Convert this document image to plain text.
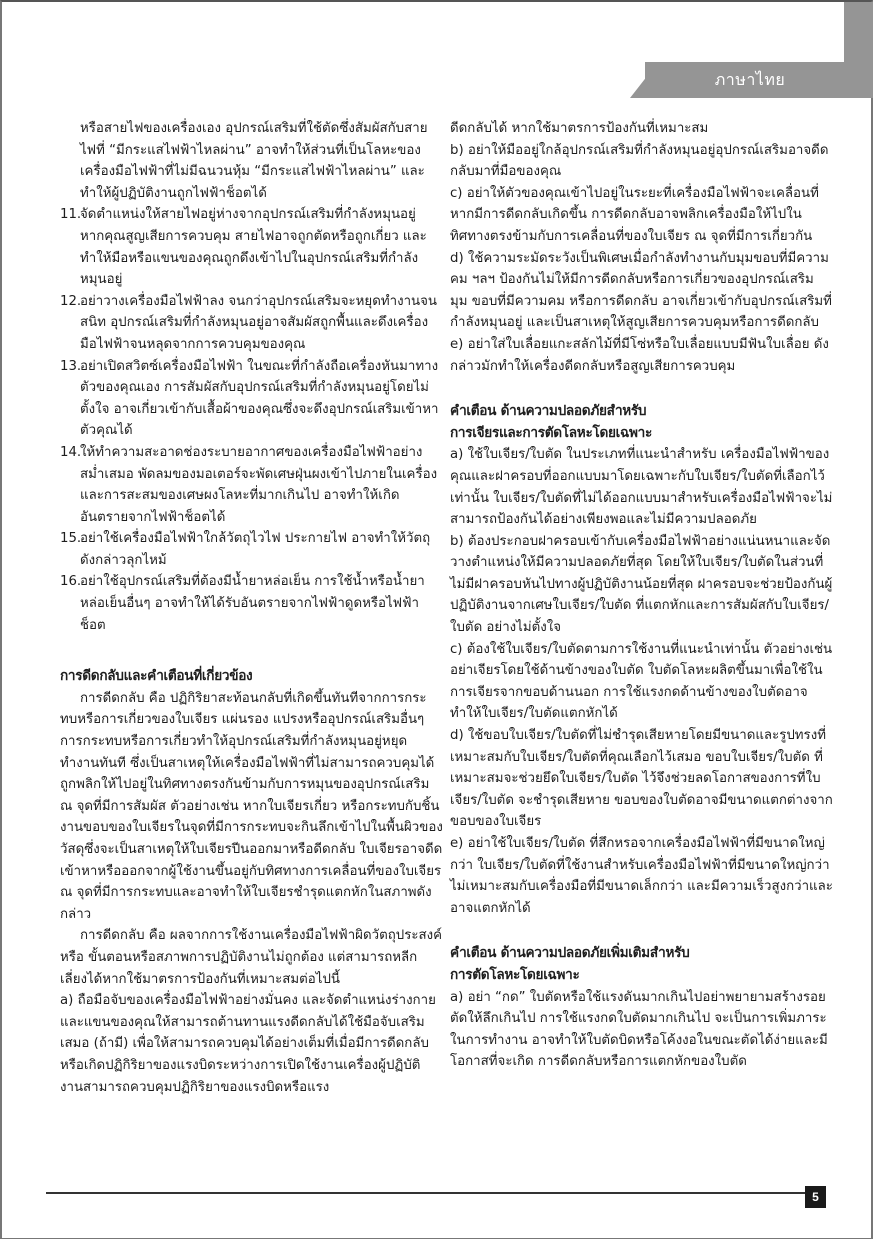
ภาษาไทย

หรือสายไฟของเครื่องเอง อุปกรณ์เสริมที่ใช้ตัดซึ่งสัมผัสกับสายไฟที่ “มีกระแสไฟฟ้าไหลผ่าน” อาจทำให้ส่วนที่เป็นโลหะของเครื่องมือไฟฟ้าที่ไม่มีฉนวนหุ้ม “มีกระแสไฟฟ้าไหลผ่าน” และทำให้ผู้ปฏิบัติงานถูกไฟฟ้าช็อตได้

11.
จัดตำแหน่งให้สายไฟอยู่ห่างจากอุปกรณ์เสริมที่กำลังหมุนอยู่ หากคุณสูญเสียการควบคุม สายไฟอาจถูกตัดหรือถูกเกี่ยว และทำให้มือหรือแขนของคุณถูกดึงเข้าไปในอุปกรณ์เสริมที่กำลังหมุนอยู่
12.
อย่าวางเครื่องมือไฟฟ้าลง จนกว่าอุปกรณ์เสริมจะหยุดทำงานจนสนิท อุปกรณ์เสริมที่กำลังหมุนอยู่อาจสัมผัสถูกพื้นและดึงเครื่องมือไฟฟ้าจนหลุดจากการควบคุมของคุณ
13.
อย่าเปิดสวิตซ์เครื่องมือไฟฟ้า ในขณะที่กำลังถือเครื่องหันมาทางตัวของคุณเอง การสัมผัสกับอุปกรณ์เสริมที่กำลังหมุนอยู่โดยไม่ตั้งใจ อาจเกี่ยวเข้ากับเสื้อผ้าของคุณซึ่งจะดึงอุปกรณ์เสริมเข้าหาตัวคุณได้
14.
ให้ทำความสะอาดช่องระบายอากาศของเครื่องมือไฟฟ้าอย่างสม่ำเสมอ พัดลมของมอเตอร์จะพัดเศษฝุ่นผงเข้าไปภายในเครื่อง และการสะสมของเศษผงโลหะที่มากเกินไป อาจทำให้เกิดอันตรายจากไฟฟ้าช็อตได้
15.
อย่าใช้เครื่องมือไฟฟ้าใกล้วัตถุไวไฟ ประกายไฟ อาจทำให้วัตถุดังกล่าวลุกไหม้
16.
อย่าใช้อุปกรณ์เสริมที่ต้องมีน้ำยาหล่อเย็น การใช้น้ำหรือน้ำยาหล่อเย็นอื่นๆ อาจทำให้ได้รับอันตรายจากไฟฟ้าดูดหรือไฟฟ้าช็อต
การดีดกลับและคำเตือนที่เกี่ยวข้อง

การดีดกลับ คือ ปฏิกิริยาสะท้อนกลับที่เกิดขึ้นทันทีจากการกระทบหรือการเกี่ยวของใบเจียร แผ่นรอง แปรงหรืออุปกรณ์เสริมอื่นๆ การกระทบหรือการเกี่ยวทำให้อุปกรณ์เสริมที่กำลังหมุนอยู่หยุดทำงานทันที ซึ่งเป็นสาเหตุให้เครื่องมือไฟฟ้าที่ไม่สามารถควบคุมได้ถูกพลิกให้ไปอยู่ในทิศทางตรงกันข้ามกับการหมุนของอุปกรณ์เสริม ณ จุดที่มีการสัมผัส ตัวอย่างเช่น หากใบเจียรเกี่ยว หรือกระทบกับชิ้นงานขอบของใบเจียรในจุดที่มีการกระทบจะกินลึกเข้าไปในพื้นผิวของวัสดุซึ่งจะเป็นสาเหตุให้ใบเจียรปีนออกมาหรือดีดกลับ ใบเจียรอาจดีดเข้าหาหรือออกจากผู้ใช้งานขึ้นอยู่กับทิศทางการเคลื่อนที่ของใบเจียร ณ จุดที่มีการกระทบและอาจทำให้ใบเจียรชำรุดแตกหักในสภาพดังกล่าว

การดีดกลับ คือ ผลจากการใช้งานเครื่องมือไฟฟ้าผิดวัตถุประสงค์ หรือ ขั้นตอนหรือสภาพการปฏิบัติงานไม่ถูกต้อง แต่สามารถหลีกเลี่ยงได้หากใช้มาตรการป้องกันที่เหมาะสมต่อไปนี้

a) ถือมือจับของเครื่องมือไฟฟ้าอย่างมั่นคง และจัดตำแหน่งร่างกายและแขนของคุณให้สามารถต้านทานแรงดีดกลับได้ใช้มือจับเสริมเสมอ (ถ้ามี) เพื่อให้สามารถควบคุมได้อย่างเต็มที่เมื่อมีการดีดกลับหรือเกิดปฏิกิริยาของแรงบิดระหว่างการเปิดใช้งานเครื่องผู้ปฏิบัติงานสามารถควบคุมปฏิกิริยาของแรงบิดหรือแรง

ดีดกลับได้ หากใช้มาตรการป้องกันที่เหมาะสม

b) อย่าให้มืออยู่ใกล้อุปกรณ์เสริมที่กำลังหมุนอยู่อุปกรณ์เสริมอาจดีดกลับมาที่มือของคุณ

c) อย่าให้ตัวของคุณเข้าไปอยู่ในระยะที่เครื่องมือไฟฟ้าจะเคลื่อนที่ หากมีการดีดกลับเกิดขึ้น การดีดกลับอาจพลิกเครื่องมือให้ไปในทิศทางตรงข้ามกับการเคลื่อนที่ของใบเจียร ณ จุดที่มีการเกี่ยวกัน

d) ใช้ความระมัดระวังเป็นพิเศษเมื่อกำลังทำงานกับมุมขอบที่มีความคม ฯลฯ ป้องกันไม่ให้มีการดีดกลับหรือการเกี่ยวของอุปกรณ์เสริม มุม ขอบที่มีความคม หรือการดีดกลับ อาจเกี่ยวเข้ากับอุปกรณ์เสริมที่กำลังหมุนอยู่ และเป็นสาเหตุให้สูญเสียการควบคุมหรือการดีดกลับ

e) อย่าใส่ใบเลื่อยแกะสลักไม้ที่มีโซ่หรือใบเลื่อยแบบมีฟันใบเลื่อย ดังกล่าวมักทำให้เครื่องดีดกลับหรือสูญเสียการควบคุม

คำเตือน ด้านความปลอดภัยสำหรับ
การเจียรและการตัดโลหะโดยเฉพาะ

a) ใช้ใบเจียร/ใบตัด ในประเภทที่แนะนำสำหรับ เครื่องมือไฟฟ้าของคุณและฝาครอบที่ออกแบบมาโดยเฉพาะกับใบเจียร/ใบตัดที่เลือกไว้เท่านั้น ใบเจียร/ใบตัดที่ไม่ได้ออกแบบมาสำหรับเครื่องมือไฟฟ้าจะไม่สามารถป้องกันได้อย่างเพียงพอและไม่มีความปลอดภัย

b) ต้องประกอบฝาครอบเข้ากับเครื่องมือไฟฟ้าอย่างแน่นหนาและจัดวางตำแหน่งให้มีความปลอดภัยที่สุด โดยให้ใบเจียร/ใบตัดในส่วนที่ไม่มีฝาครอบหันไปทางผู้ปฏิบัติงานน้อยที่สุด ฝาครอบจะช่วยป้องกันผู้ปฏิบัติงานจากเศษใบเจียร/ใบตัด ที่แตกหักและการสัมผัสกับใบเจียร/ใบตัด อย่างไม่ตั้งใจ

c) ต้องใช้ใบเจียร/ใบตัดตามการใช้งานที่แนะนำเท่านั้น ตัวอย่างเช่น อย่าเจียรโดยใช้ด้านข้างของใบตัด ใบตัดโลหะผลิตขึ้นมาเพื่อใช้ในการเจียรจากขอบด้านนอก การใช้แรงกดด้านข้างของใบตัดอาจทำให้ใบเจียร/ใบตัดแตกหักได้

d) ใช้ขอบใบเจียร/ใบตัดที่ไม่ชำรุดเสียหายโดยมีขนาดและรูปทรงที่เหมาะสมกับใบเจียร/ใบตัดที่คุณเลือกไว้เสมอ ขอบใบเจียร/ใบตัด ที่เหมาะสมจะช่วยยึดใบเจียร/ใบตัด ไว้จึงช่วยลดโอกาสของการที่ใบเจียร/ใบตัด จะชำรุดเสียหาย ขอบของใบตัดอาจมีขนาดแตกต่างจากขอบของใบเจียร

e) อย่าใช้ใบเจียร/ใบตัด ที่สึกหรอจากเครื่องมือไฟฟ้าที่มีขนาดใหญ่กว่า ใบเจียร/ใบตัดที่ใช้งานสำหรับเครื่องมือไฟฟ้าที่มีขนาดใหญ่กว่าไม่เหมาะสมกับเครื่องมือที่มีขนาดเล็กกว่า และมีความเร็วสูงกว่าและอาจแตกหักได้

คำเตือน ด้านความปลอดภัยเพิ่มเติมสำหรับ
การตัดโลหะโดยเฉพาะ

a) อย่า “กด” ใบตัดหรือใช้แรงดันมากเกินไปอย่าพยายามสร้างรอยตัดให้ลึกเกินไป การใช้แรงกดใบตัดมากเกินไป จะเป็นการเพิ่มภาระในการทำงาน อาจทำให้ใบตัดบิดหรือโค้งงอในขณะตัดได้ง่ายและมีโอกาสที่จะเกิด การดีดกลับหรือการแตกหักของใบตัด

5
